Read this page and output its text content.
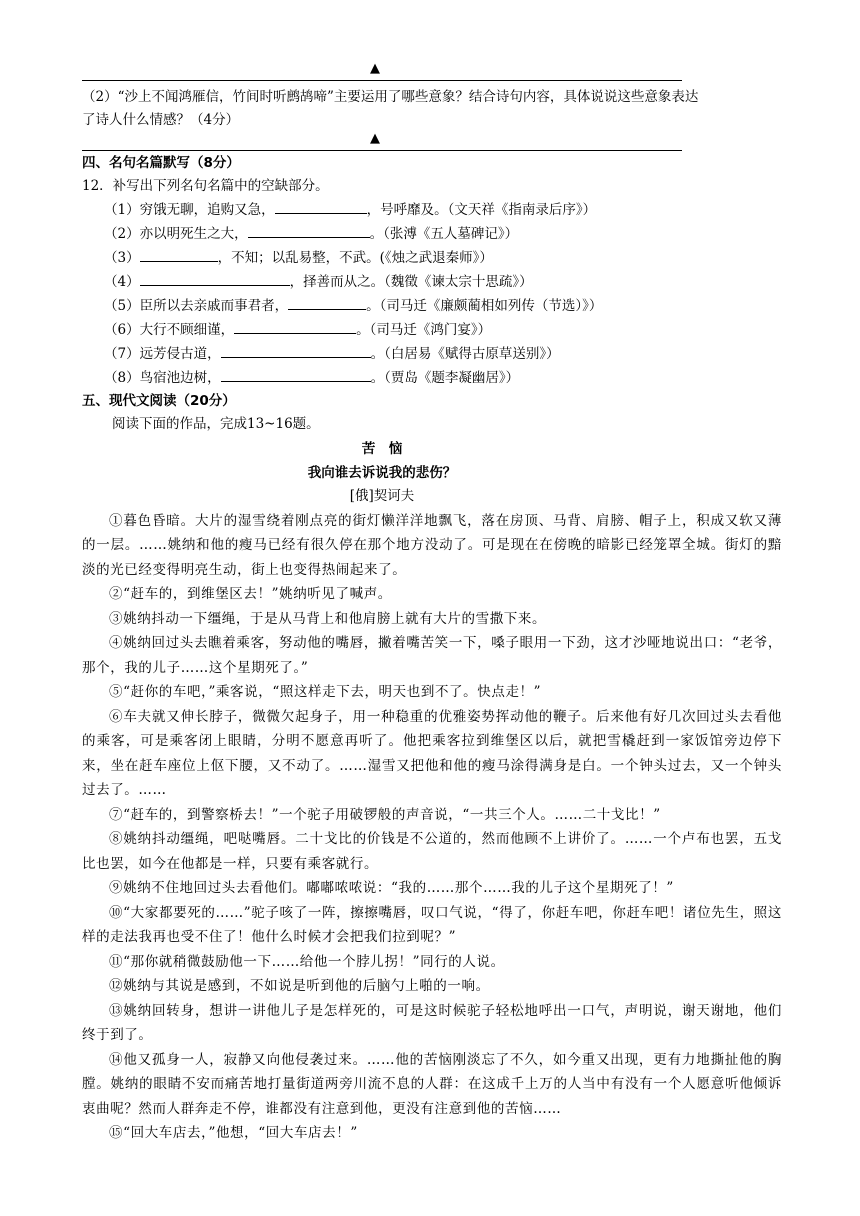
▲
（2）“沙上不闻鸿雁信，竹间时听鹧鸪啼”主要运用了哪些意象？结合诗句内容，具体说说这些意象表达了诗人什么情感？（4分）
▲
四、名句名篇默写（8分）
12．补写出下列名句名篇中的空缺部分。
（1）穷饿无聊，追购又急，	，号呼靡及。（文天祥《指南录后序》）
（2）亦以明死生之大，	。（张溥《五人墓碑记》）
（3）	，不知；以乱易整，不武。(《烛之武退秦师》）
（4）	，择善而从之。（魏徵《谏太宗十思疏》）
（5）臣所以去亲戚而事君者，	。（司马迁《廉颇蔺相如列传（节选）》）
（6）大行不顾细谨，	。（司马迁《鸿门宴》）
（7）远芳侵古道，	。（白居易《赋得古原草送别》）
（8）鸟宿池边树，	。（贾岛《题李凝幽居》）
五、现代文阅读（20分）
阅读下面的作品，完成13~16题。
苦　恼
我向谁去诉说我的悲伤？
[俄]契诃夫
①暮色昏暗。大片的湿雪绕着刚点亮的街灯懒洋洋地飘飞，落在房顶、马背、肩膀、帽子上，积成又软又薄的一层。……姚纳和他的瘦马已经有很久停在那个地方没动了。可是现在在傍晚的暗影已经笼罩全城。街灯的黯淡的光已经变得明亮生动，街上也变得热闹起来了。
②“赶车的，到维堡区去！”姚纳听见了喊声。
③姚纳抖动一下缰绳，于是从马背上和他肩膀上就有大片的雪撒下来。
④姚纳回过头去瞧着乘客，努动他的嘴唇，撇着嘴苦笑一下，嗓子眼用一下劲，这才沙哑地说出口：“老爷，那个，我的儿子……这个星期死了。”
⑤“赶你的车吧，”乘客说，“照这样走下去，明天也到不了。快点走！”
⑥车夫就又伸长脖子，微微欠起身子，用一种稳重的优雅姿势挥动他的鞭子。后来他有好几次回过头去看他的乘客，可是乘客闭上眼睛，分明不愿意再听了。他把乘客拉到维堡区以后，就把雪橇赶到一家饭馆旁边停下来，坐在赶车座位上伛下腰，又不动了。……湿雪又把他和他的瘦马涂得满身是白。一个钟头过去，又一个钟头过去了。……
⑦“赶车的，到警察桥去！”一个驼子用破锣般的声音说，“一共三个人。……二十戈比！”
⑧姚纳抖动缰绳，吧哒嘴唇。二十戈比的价钱是不公道的，然而他顾不上讲价了。……一个卢布也罢，五戈比也罢，如今在他都是一样，只要有乘客就行。
⑨姚纳不住地回过头去看他们。嘟嘟哝哝说：“我的……那个……我的儿子这个星期死了！”
⑩“大家都要死的……”驼子咳了一阵，擦擦嘴唇，叹口气说，“得了，你赶车吧，你赶车吧！诸位先生，照这样的走法我再也受不住了！他什么时候才会把我们拉到呢？”
⑪“那你就稍微鼓励他一下……给他一个脖儿拐！”同行的人说。
⑫姚纳与其说是感到，不如说是听到他的后脑勺上啪的一响。
⑬姚纳回转身，想讲一讲他儿子是怎样死的，可是这时候驼子轻松地呼出一口气，声明说，谢天谢地，他们终于到了。
⑭他又孤身一人，寂静又向他侵袭过来。……他的苦恼刚淡忘了不久，如今重又出现，更有力地撕扯他的胸膛。姚纳的眼睛不安而痛苦地打量街道两旁川流不息的人群：在这成千上万的人当中有没有一个人愿意听他倾诉衷曲呢？然而人群奔走不停，谁都没有注意到他，更没有注意到他的苦恼……
⑮“回大车店去，”他想，“回大车店去！”
